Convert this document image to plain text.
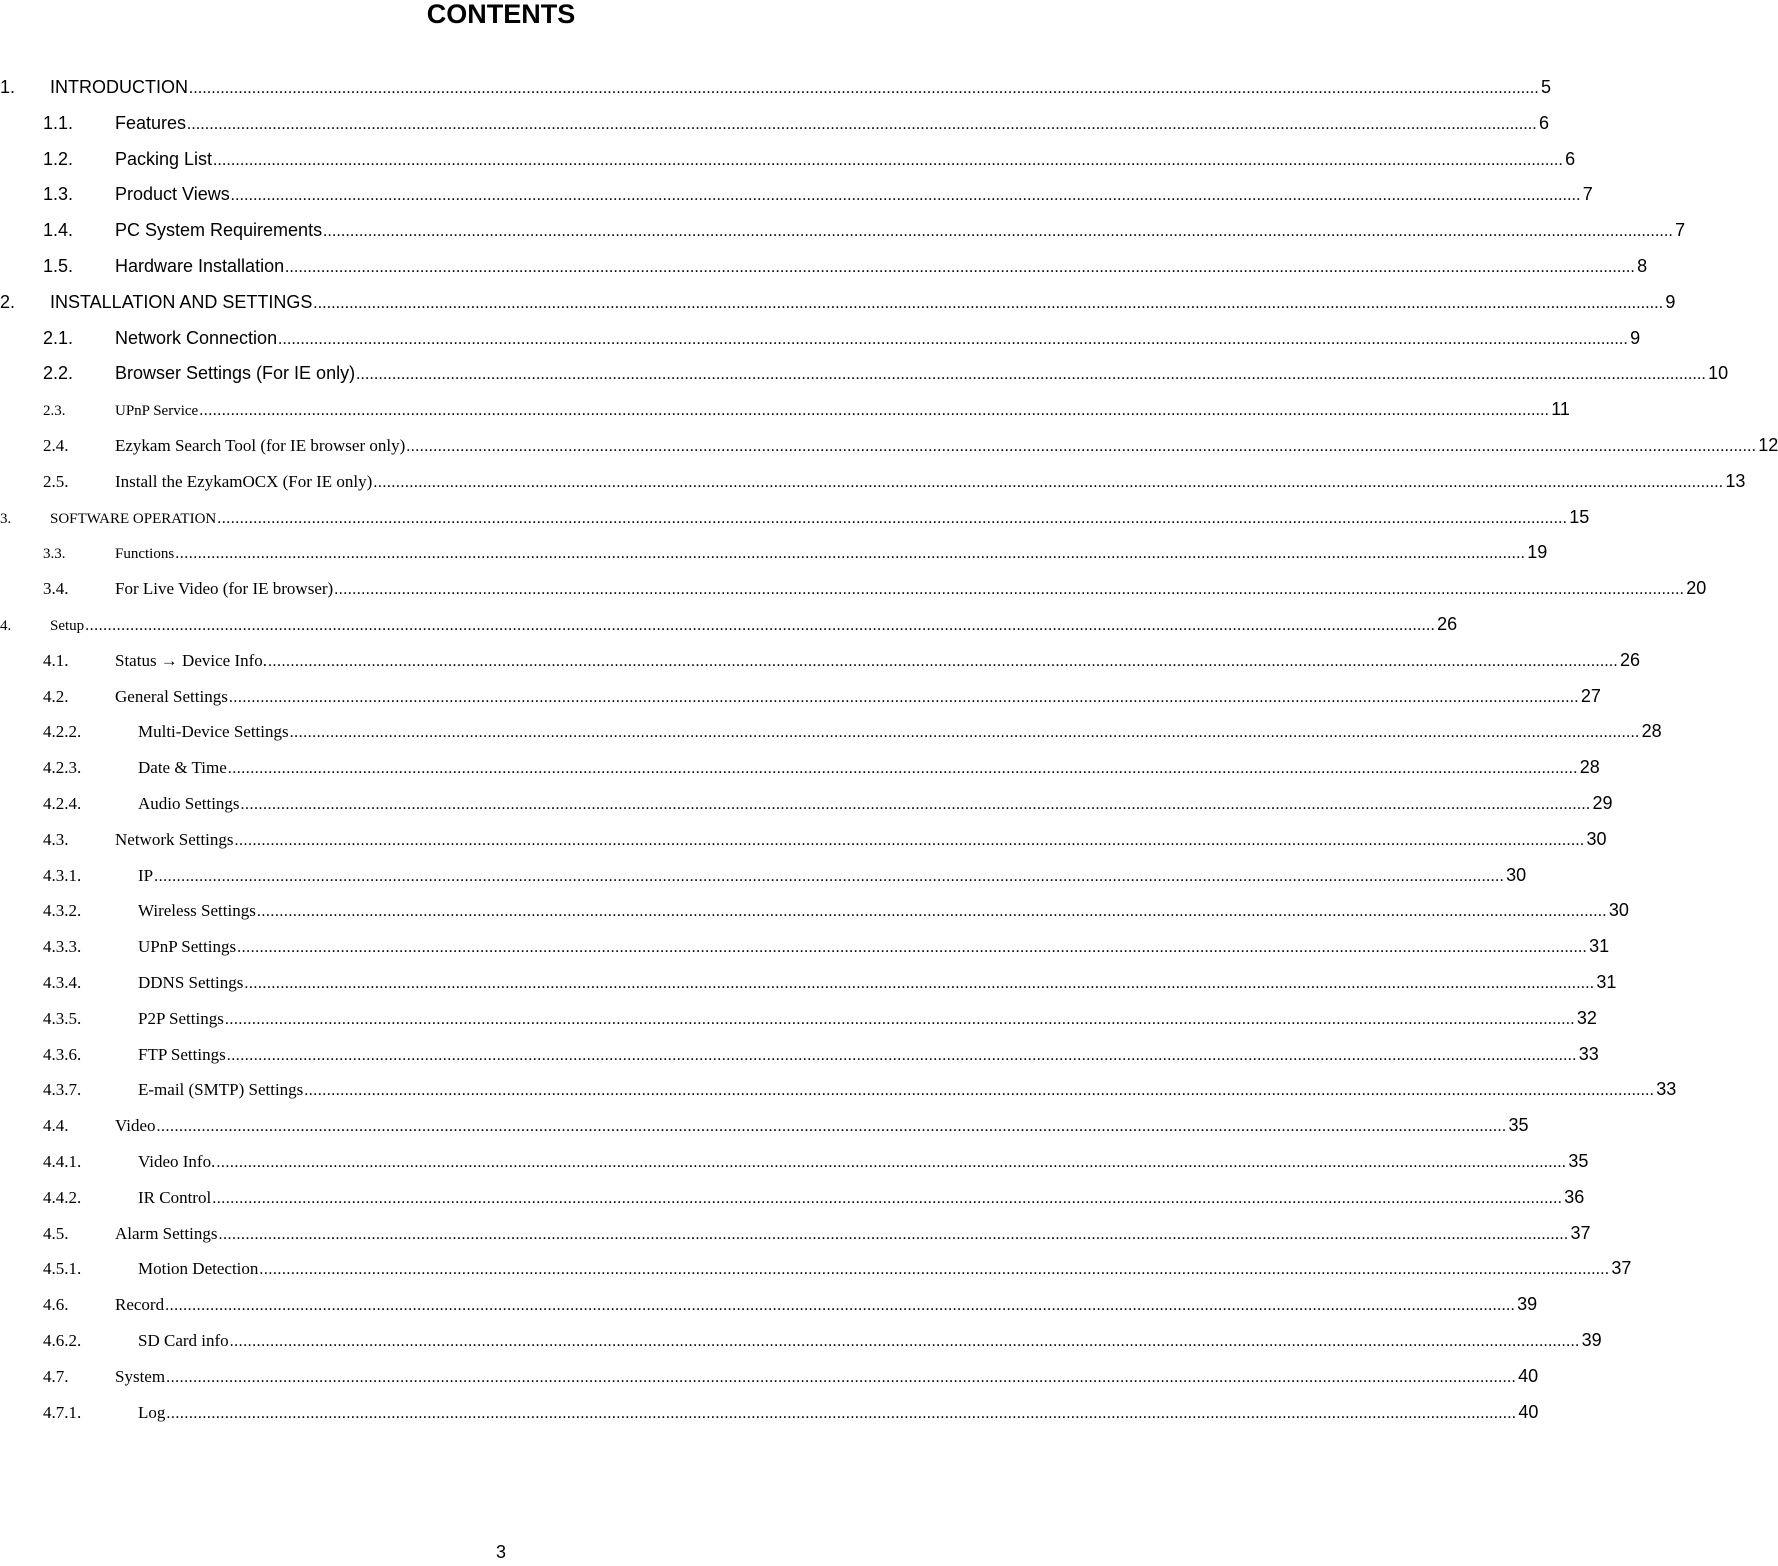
CONTENTS
1. INTRODUCTION ............................................................................................................................................................................................................................................................................................................ 5
1.1. Features ............................................................................................................................................................................................................................................................................................................ 6
1.2. Packing List ............................................................................................................................................................................................................................................................................................................ 6
1.3. Product Views ............................................................................................................................................................................................................................................................................................................ 7
1.4. PC System Requirements ............................................................................................................................................................................................................................................................................................................ 7
1.5. Hardware Installation ............................................................................................................................................................................................................................................................................................................ 8
2. INSTALLATION AND SETTINGS ............................................................................................................................................................................................................................................................................................................ 9
2.1. Network Connection ............................................................................................................................................................................................................................................................................................................ 9
2.2. Browser Settings (For IE only) ............................................................................................................................................................................................................................................................................................................ 10
2.3.	UPnP Service ............................................................................................................................................................................................................................................................................................................ 11
2.4.	Ezykam Search Tool (for IE browser only) ............................................................................................................................................................................................................................................................................................................ 12
2.5.	Install the EzykamOCX (For IE only) ............................................................................................................................................................................................................................................................................................................ 13
3.	SOFTWARE OPERATION ............................................................................................................................................................................................................................................................................................................ 15
3.3.	Functions ............................................................................................................................................................................................................................................................................................................ 19
3.4.	For Live Video (for IE browser) ............................................................................................................................................................................................................................................................................................................ 20
4.	Setup ............................................................................................................................................................................................................................................................................................................ 26
4.1.	Status → Device Info. ............................................................................................................................................................................................................................................................................................................ 26
4.2.	General Settings ............................................................................................................................................................................................................................................................................................................ 27
4.2.2.	Multi-Device Settings ............................................................................................................................................................................................................................................................................................................ 28
4.2.3.	Date & Time ............................................................................................................................................................................................................................................................................................................ 28
4.2.4.	Audio Settings ............................................................................................................................................................................................................................................................................................................ 29
4.3.	Network Settings ............................................................................................................................................................................................................................................................................................................ 30
4.3.1.	IP ............................................................................................................................................................................................................................................................................................................ 30
4.3.2.	Wireless Settings ............................................................................................................................................................................................................................................................................................................ 30
4.3.3.	UPnP Settings ............................................................................................................................................................................................................................................................................................................ 31
4.3.4.	DDNS Settings ............................................................................................................................................................................................................................................................................................................ 31
4.3.5.	P2P Settings ............................................................................................................................................................................................................................................................................................................ 32
4.3.6.	FTP Settings ............................................................................................................................................................................................................................................................................................................ 33
4.3.7.	E-mail (SMTP) Settings ............................................................................................................................................................................................................................................................................................................ 33
4.4.	Video ............................................................................................................................................................................................................................................................................................................ 35
4.4.1.	Video Info. ............................................................................................................................................................................................................................................................................................................ 35
4.4.2.	IR Control ............................................................................................................................................................................................................................................................................................................ 36
4.5.	Alarm Settings ............................................................................................................................................................................................................................................................................................................ 37
4.5.1.	Motion Detection ............................................................................................................................................................................................................................................................................................................ 37
4.6.	Record ............................................................................................................................................................................................................................................................................................................ 39
4.6.2.	SD Card info ............................................................................................................................................................................................................................................................................................................ 39
4.7.	System ............................................................................................................................................................................................................................................................................................................ 40
4.7.1.	Log ............................................................................................................................................................................................................................................................................................................ 40
3
